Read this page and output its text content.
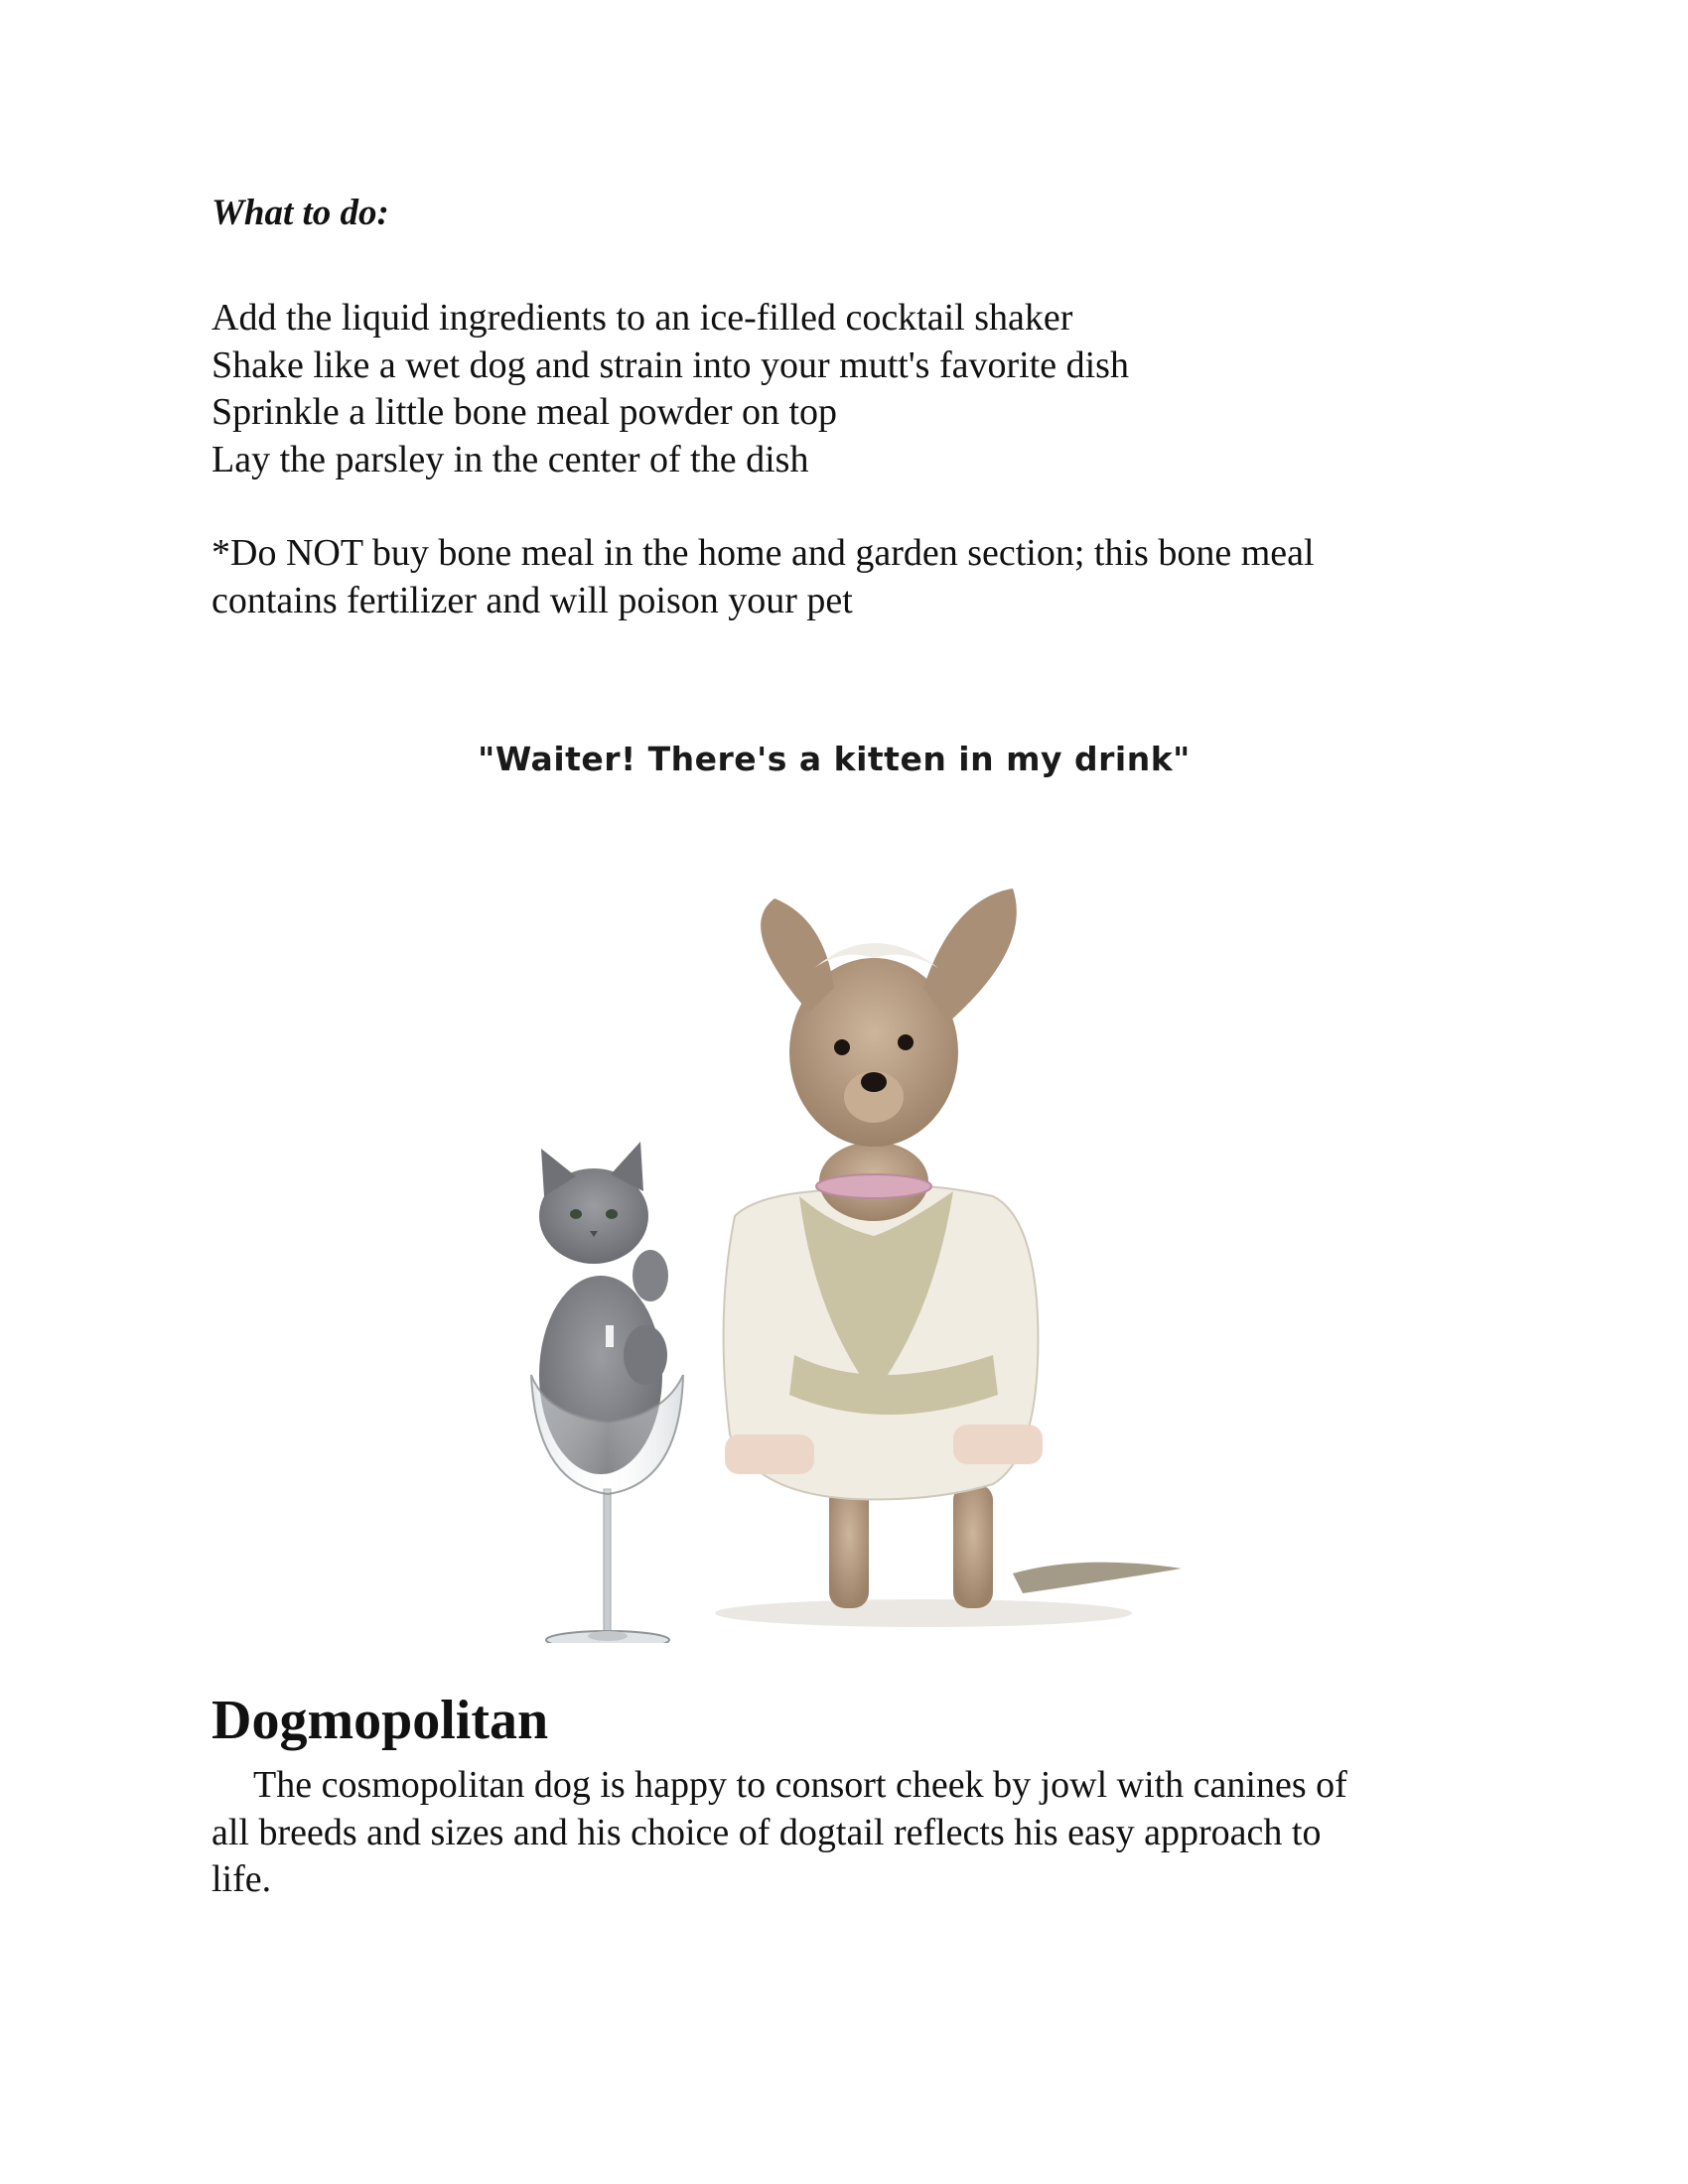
What to do:
Add the liquid ingredients to an ice-filled cocktail shaker
Shake like a wet dog and strain into your mutt's favorite dish
Sprinkle a little bone meal powder on top
Lay the parsley in the center of the dish
*Do NOT buy bone meal in the home and garden section; this bone meal
contains fertilizer and will poison your pet
"Waiter! There's a kitten in my drink"
Dogmopolitan
The cosmopolitan dog is happy to consort cheek by jowl with canines of
all breeds and sizes and his choice of dogtail reflects his easy approach to
life.
